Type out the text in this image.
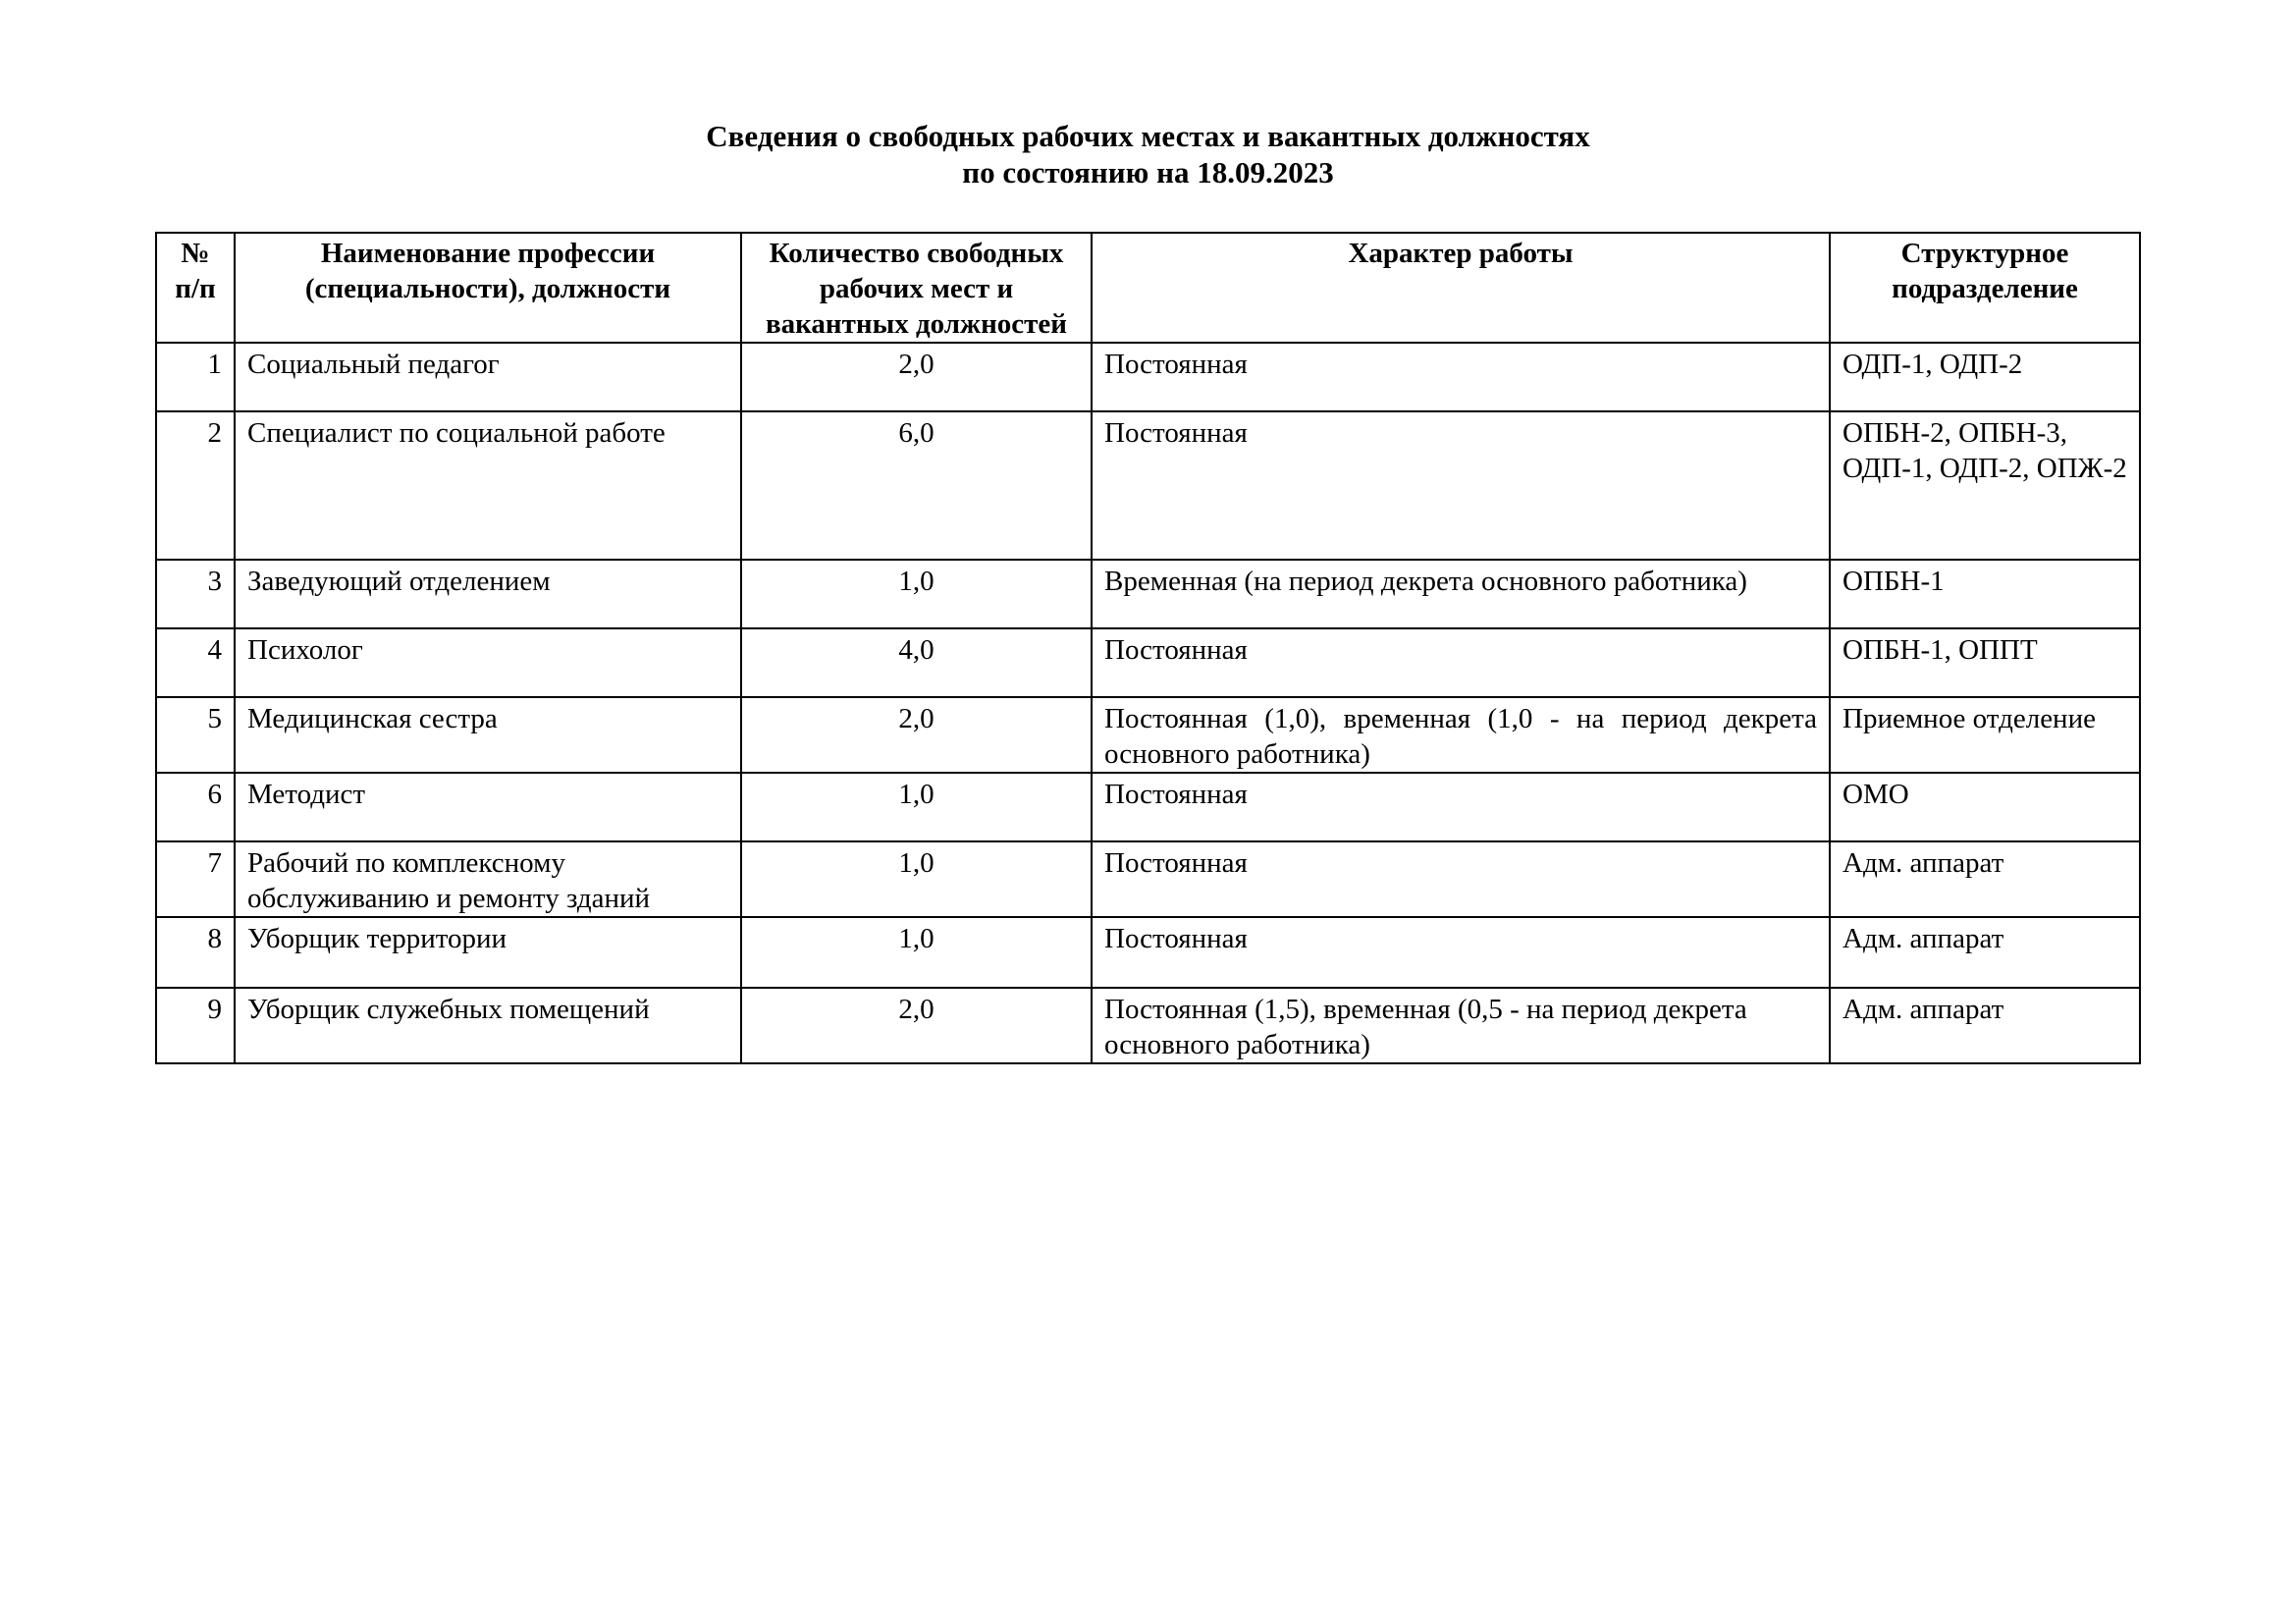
Сведения о свободных рабочих местах и вакантных должностях
по состоянию на 18.09.2023
№ п/п	Наименование профессии (специальности), должности	Количество свободных рабочих мест и вакантных должностей	Характер работы	Структурное подразделение
1	Социальный педагог	2,0	Постоянная	ОДП-1, ОДП-2
2	Специалист по социальной работе	6,0	Постоянная	ОПБН-2, ОПБН-3, ОДП-1, ОДП-2, ОПЖ-2
3	Заведующий отделением	1,0	Временная (на период декрета основного работника)	ОПБН-1
4	Психолог	4,0	Постоянная	ОПБН-1, ОППТ
5	Медицинская сестра	2,0	Постоянная (1,0), временная (1,0 - на период декрета основного работника)	Приемное отделение
6	Методист	1,0	Постоянная	ОМО
7	Рабочий по комплексному обслуживанию и ремонту зданий	1,0	Постоянная	Адм. аппарат
8	Уборщик территории	1,0	Постоянная	Адм. аппарат
9	Уборщик служебных помещений	2,0	Постоянная (1,5), временная (0,5 - на период декрета основного работника)	Адм. аппарат
